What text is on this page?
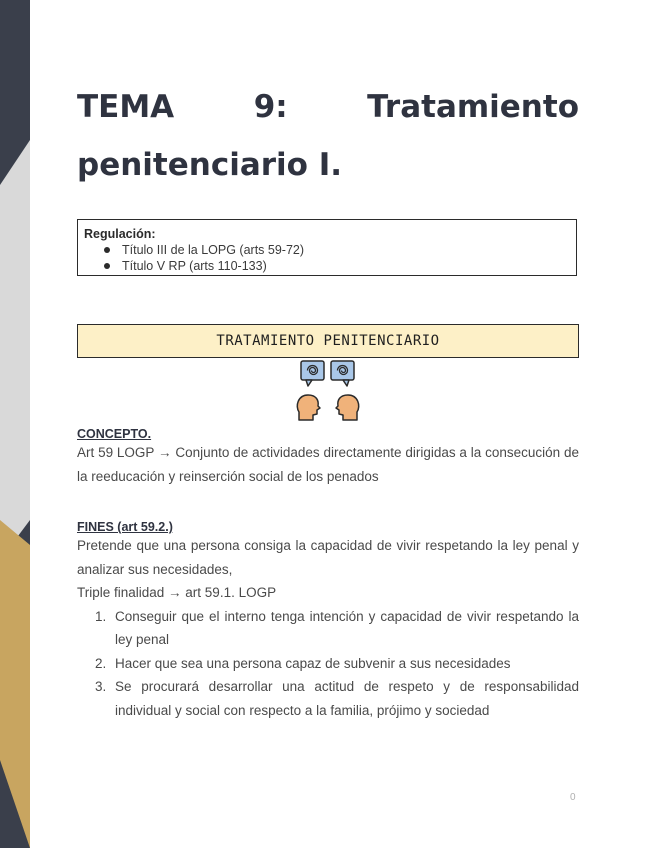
TEMA	9:	Tratamiento
penitenciario I.
Regulación:
Título III de la LOPG (arts 59-72)
Título V RP (arts 110-133)
TRATAMIENTO PENITENCIARIO
CONCEPTO.
Art 59 LOGP → Conjunto de actividades directamente dirigidas a la consecución de la reeducación y reinserción social de los penados
FINES (art 59.2.)
Pretende que una persona consiga la capacidad de vivir respetando la ley penal y analizar sus necesidades,
Triple finalidad → art 59.1. LOGP
1. Conseguir que el interno tenga intención y capacidad de vivir respetando la ley penal
2. Hacer que sea una persona capaz de subvenir a sus necesidades
3. Se procurará desarrollar una actitud de respeto y de responsabilidad individual y social con respecto a la familia, prójimo y sociedad
0
